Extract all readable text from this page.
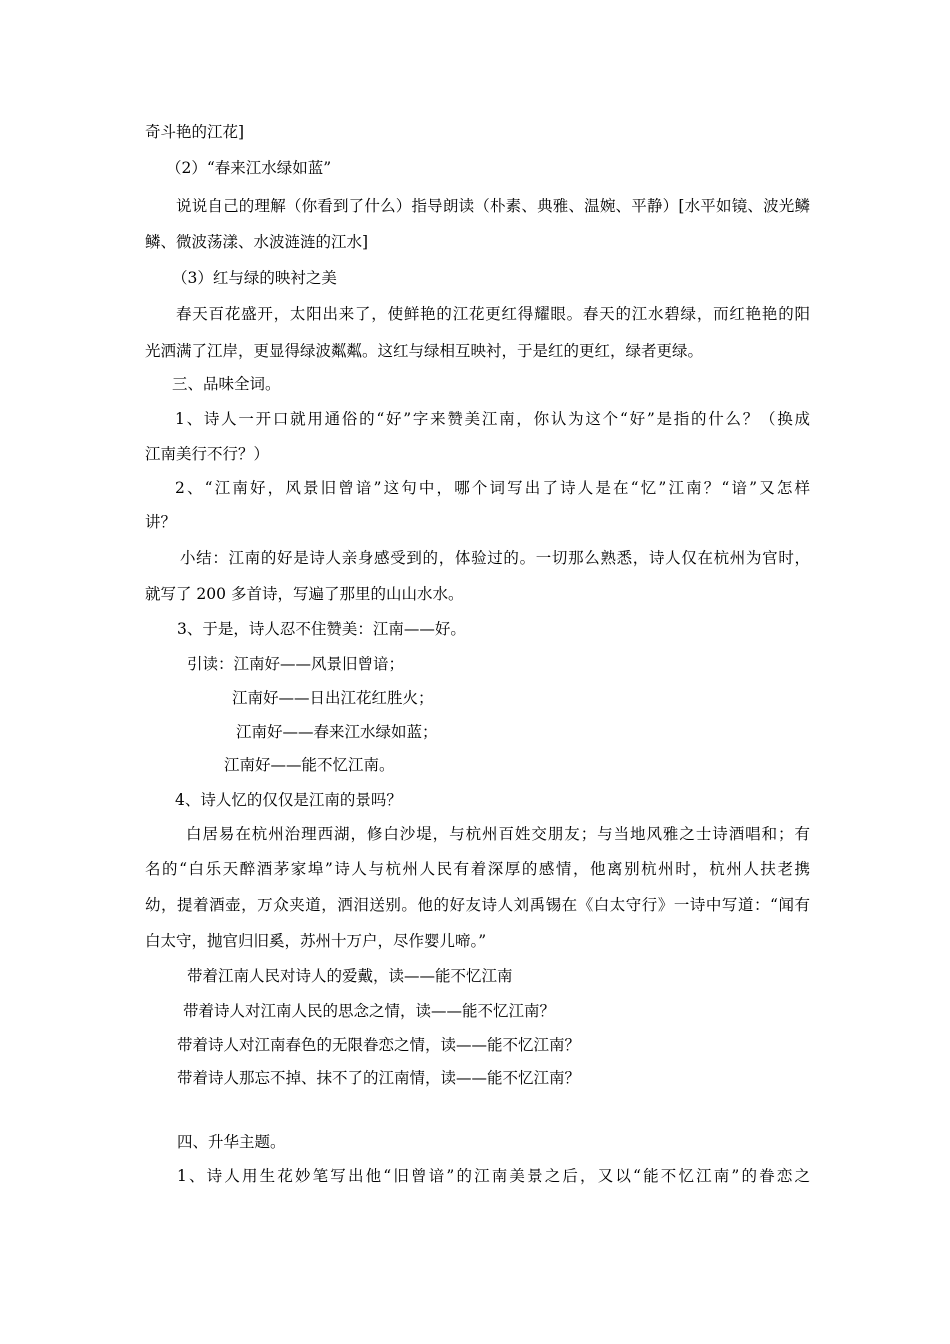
奇斗艳的江花]
（2）“春来江水绿如蓝”
说说自己的理解（你看到了什么）指导朗读（朴素、典雅、温婉、平静）[水平如镜、波光鳞
鳞、微波荡漾、水波涟涟的江水]
（3）红与绿的映衬之美
春天百花盛开，太阳出来了，使鲜艳的江花更红得耀眼。春天的江水碧绿，而红艳艳的阳
光洒满了江岸，更显得绿波粼粼。这红与绿相互映衬，于是红的更红，绿者更绿。
三、品味全词。
1、诗人一开口就用通俗的“好”字来赞美江南，你认为这个“好”是指的什么？（换成
江南美行不行？）
2、“江南好，风景旧曾谙”这句中，哪个词写出了诗人是在“忆”江南？“谙”又怎样
讲？
小结：江南的好是诗人亲身感受到的，体验过的。一切那么熟悉，诗人仅在杭州为官时，
就写了 200 多首诗，写遍了那里的山山水水。
3、于是，诗人忍不住赞美：江南——好。
引读：江南好——风景旧曾谙；
江南好——日出江花红胜火；
江南好——春来江水绿如蓝；
江南好——能不忆江南。
4、诗人忆的仅仅是江南的景吗？
白居易在杭州治理西湖，修白沙堤，与杭州百姓交朋友；与当地风雅之士诗酒唱和；有
名的“白乐天醉酒茅家埠”诗人与杭州人民有着深厚的感情，他离别杭州时，杭州人扶老携
幼，提着酒壶，万众夹道，洒泪送别。他的好友诗人刘禹锡在《白太守行》一诗中写道：“闻有
白太守，抛官归旧奚，苏州十万户，尽作婴儿啼。”
带着江南人民对诗人的爱戴，读——能不忆江南
带着诗人对江南人民的思念之情，读——能不忆江南？
带着诗人对江南春色的无限眷恋之情，读——能不忆江南？
带着诗人那忘不掉、抹不了的江南情，读——能不忆江南？
四、升华主题。
1、诗人用生花妙笔写出他“旧曾谙”的江南美景之后，又以“能不忆江南”的眷恋之
